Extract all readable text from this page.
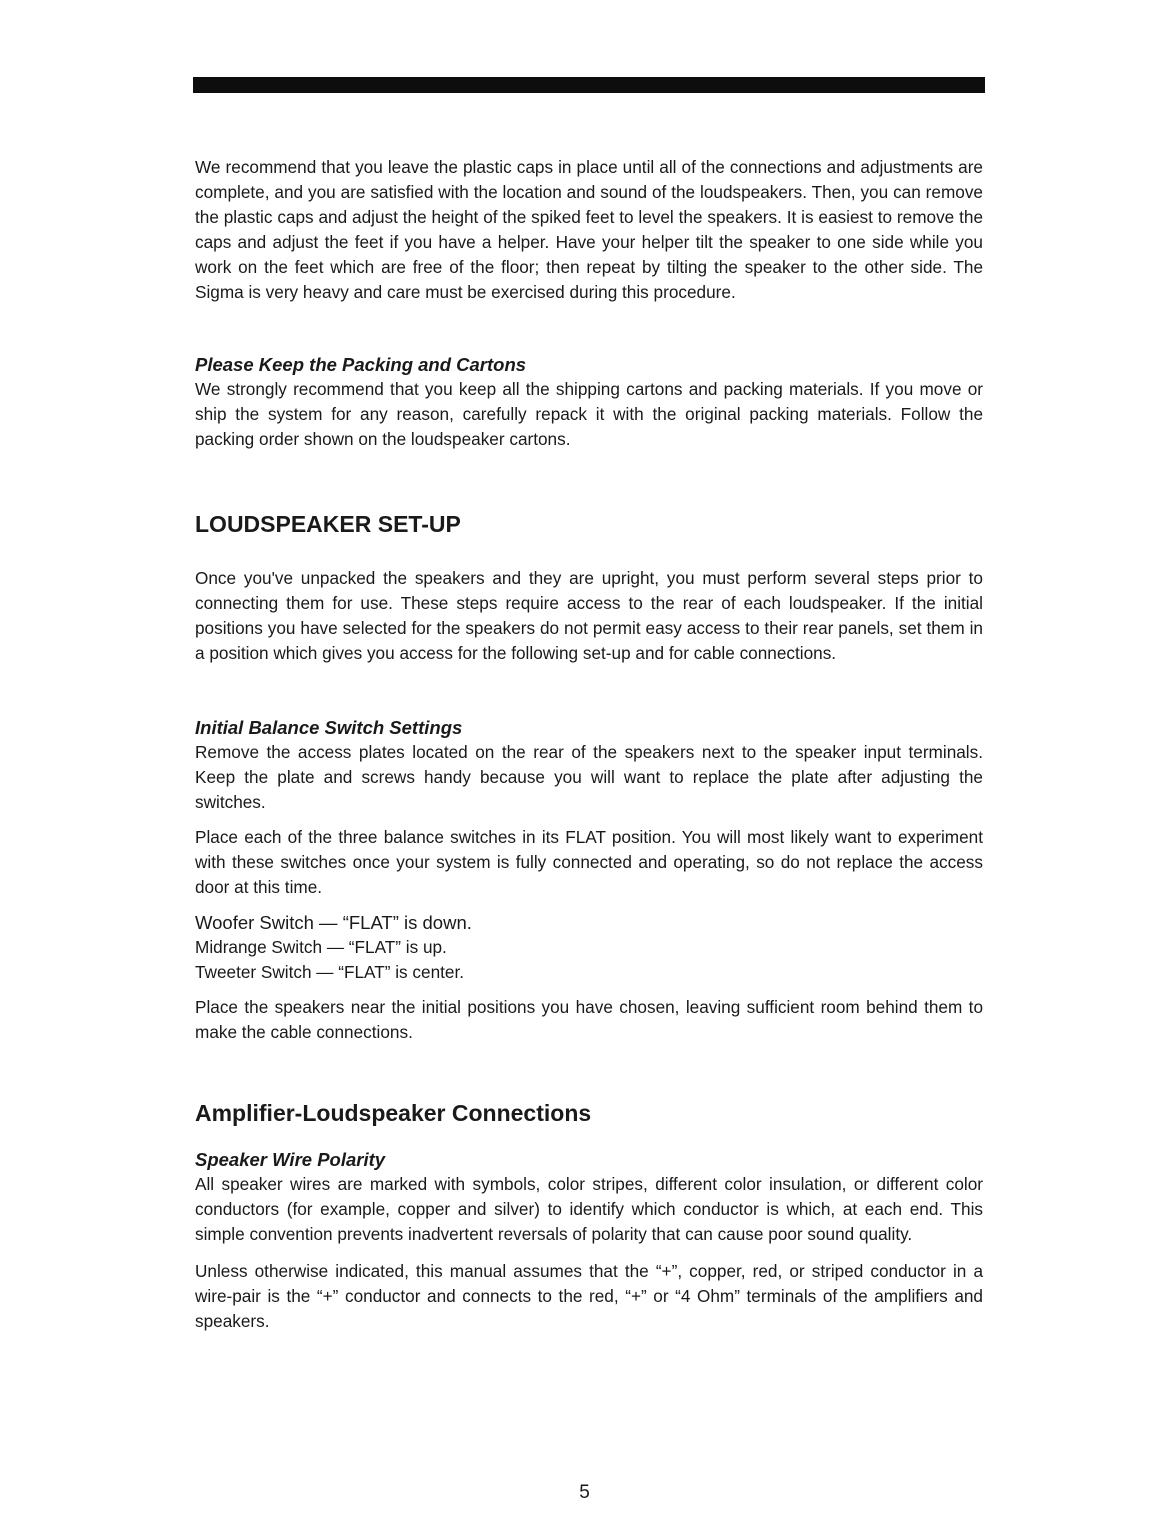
We recommend that you leave the plastic caps in place until all of the connections and adjustments are complete, and you are satisfied with the location and sound of the loudspeakers. Then, you can remove the plastic caps and adjust the height of the spiked feet to level the speakers. It is easiest to remove the caps and adjust the feet if you have a helper. Have your helper tilt the speaker to one side while you work on the feet which are free of the floor; then repeat by tilting the speaker to the other side. The Sigma is very heavy and care must be exercised during this procedure.

Please Keep the Packing and Cartons

We strongly recommend that you keep all the shipping cartons and packing materials. If you move or ship the system for any reason, carefully repack it with the original packing materials. Follow the packing order shown on the loudspeaker cartons.

LOUDSPEAKER SET-UP

Once you've unpacked the speakers and they are upright, you must perform several steps prior to connecting them for use. These steps require access to the rear of each loudspeaker. If the initial positions you have selected for the speakers do not permit easy access to their rear panels, set them in a position which gives you access for the following set-up and for cable connections.

Initial Balance Switch Settings

Remove the access plates located on the rear of the speakers next to the speaker input terminals. Keep the plate and screws handy because you will want to replace the plate after adjusting the switches.

Place each of the three balance switches in its FLAT position. You will most likely want to experiment with these switches once your system is fully connected and operating, so do not replace the access door at this time.

Woofer Switch — “FLAT” is down.

Midrange Switch — “FLAT” is up.

Tweeter Switch — “FLAT” is center.

Place the speakers near the initial positions you have chosen, leaving sufficient room behind them to make the cable connections.

Amplifier-Loudspeaker Connections
Speaker Wire Polarity

All speaker wires are marked with symbols, color stripes, different color insulation, or different color conductors (for example, copper and silver) to identify which conductor is which, at each end. This simple convention prevents inadvertent reversals of polarity that can cause poor sound quality.

Unless otherwise indicated, this manual assumes that the “+”, copper, red, or striped conductor in a wire-pair is the “+” conductor and connects to the red, “+” or “4 Ohm” terminals of the amplifiers and speakers.

5
